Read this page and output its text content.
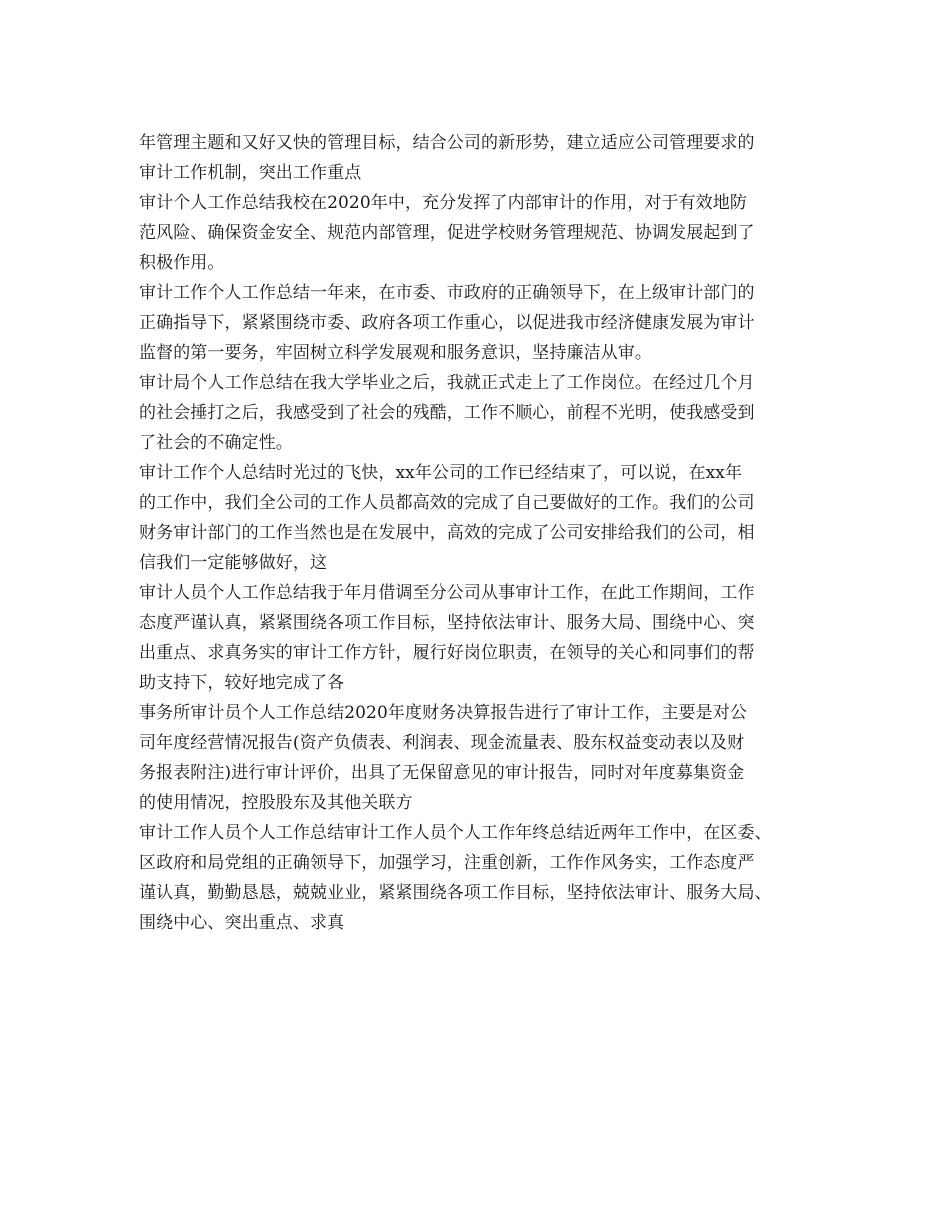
年管理主题和又好又快的管理目标，结合公司的新形势，建立适应公司管理要求的
审计工作机制，突出工作重点
审计个人工作总结我校在2020年中，充分发挥了内部审计的作用，对于有效地防
范风险、确保资金安全、规范内部管理，促进学校财务管理规范、协调发展起到了
积极作用。
审计工作个人工作总结一年来，在市委、市政府的正确领导下，在上级审计部门的
正确指导下，紧紧围绕市委、政府各项工作重心，以促进我市经济健康发展为审计
监督的第一要务，牢固树立科学发展观和服务意识，坚持廉洁从审。
审计局个人工作总结在我大学毕业之后，我就正式走上了工作岗位。在经过几个月
的社会捶打之后，我感受到了社会的残酷，工作不顺心，前程不光明，使我感受到
了社会的不确定性。
审计工作个人总结时光过的飞快，xx年公司的工作已经结束了，可以说，在xx年
的工作中，我们全公司的工作人员都高效的完成了自己要做好的工作。我们的公司
财务审计部门的工作当然也是在发展中，高效的完成了公司安排给我们的公司，相
信我们一定能够做好，这
审计人员个人工作总结我于年月借调至分公司从事审计工作，在此工作期间，工作
态度严谨认真，紧紧围绕各项工作目标，坚持依法审计、服务大局、围绕中心、突
出重点、求真务实的审计工作方针，履行好岗位职责，在领导的关心和同事们的帮
助支持下，较好地完成了各
事务所审计员个人工作总结2020年度财务决算报告进行了审计工作，主要是对公
司年度经营情况报告(资产负债表、利润表、现金流量表、股东权益变动表以及财
务报表附注)进行审计评价，出具了无保留意见的审计报告，同时对年度募集资金
的使用情况，控股股东及其他关联方
审计工作人员个人工作总结审计工作人员个人工作年终总结近两年工作中，在区委、
区政府和局党组的正确领导下，加强学习，注重创新，工作作风务实，工作态度严
谨认真，勤勤恳恳，兢兢业业，紧紧围绕各项工作目标，坚持依法审计、服务大局、
围绕中心、突出重点、求真
